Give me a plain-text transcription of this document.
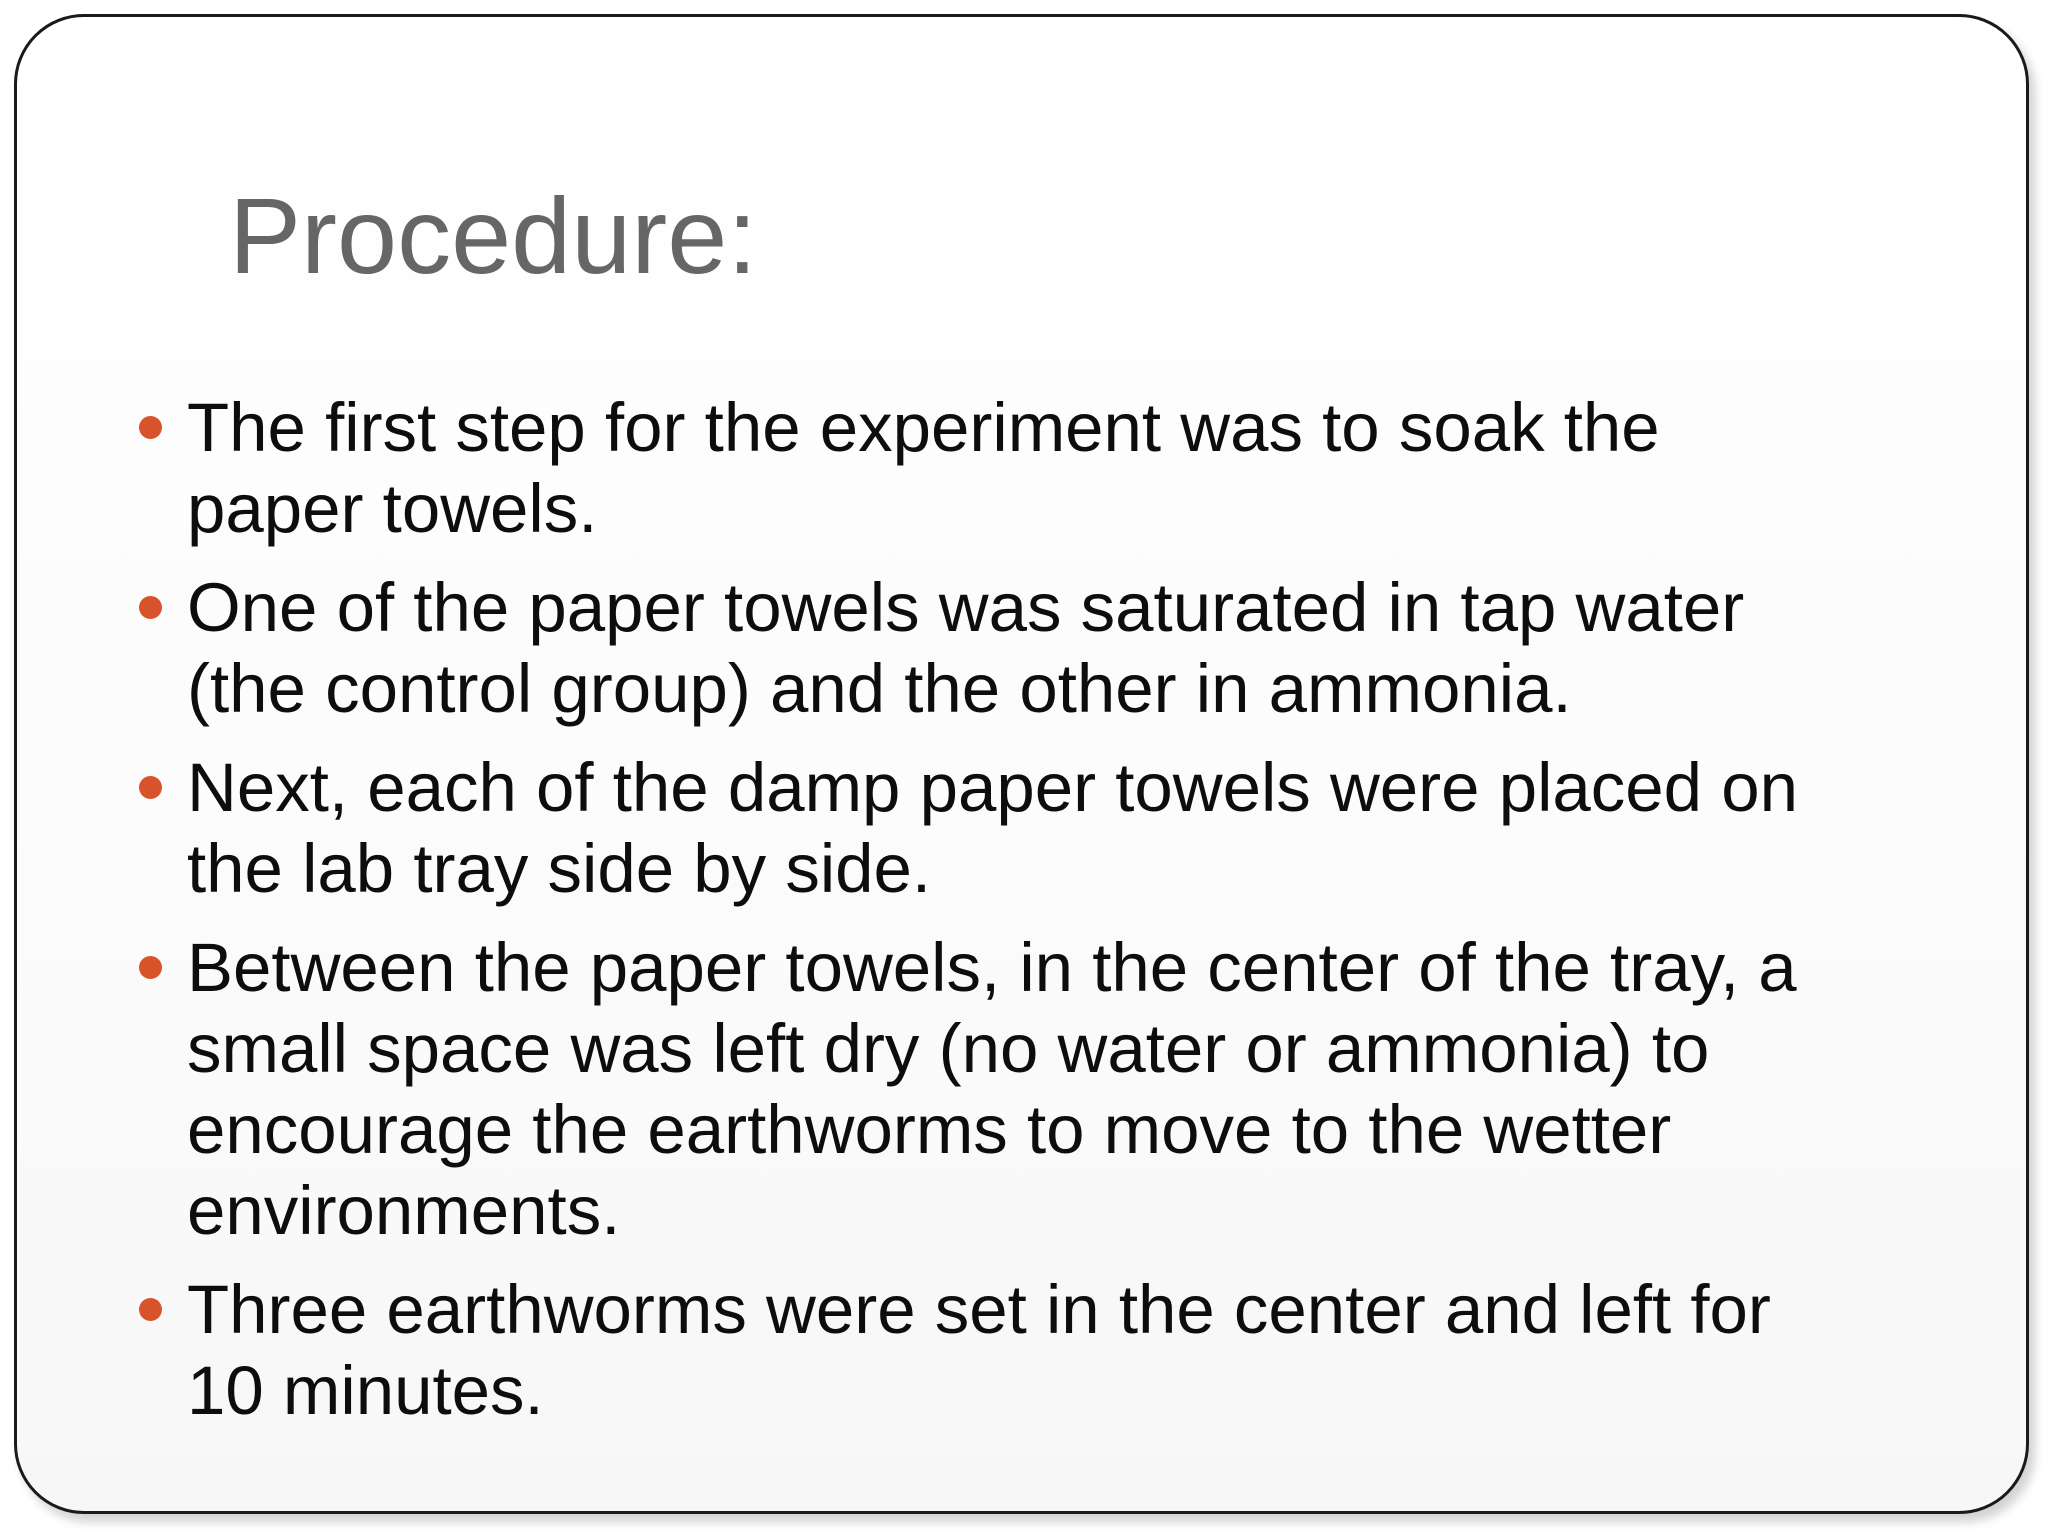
Procedure:
The first step for the experiment was to soak the paper towels.
One of the paper towels was saturated in tap water (the control group) and the other in ammonia.
Next, each of the damp paper towels were placed on the lab tray side by side.
Between the paper towels, in the center of the tray, a small space was left dry (no water or ammonia) to encourage the earthworms to move to the wetter environments.
Three earthworms were set in the center and left for 10 minutes.
